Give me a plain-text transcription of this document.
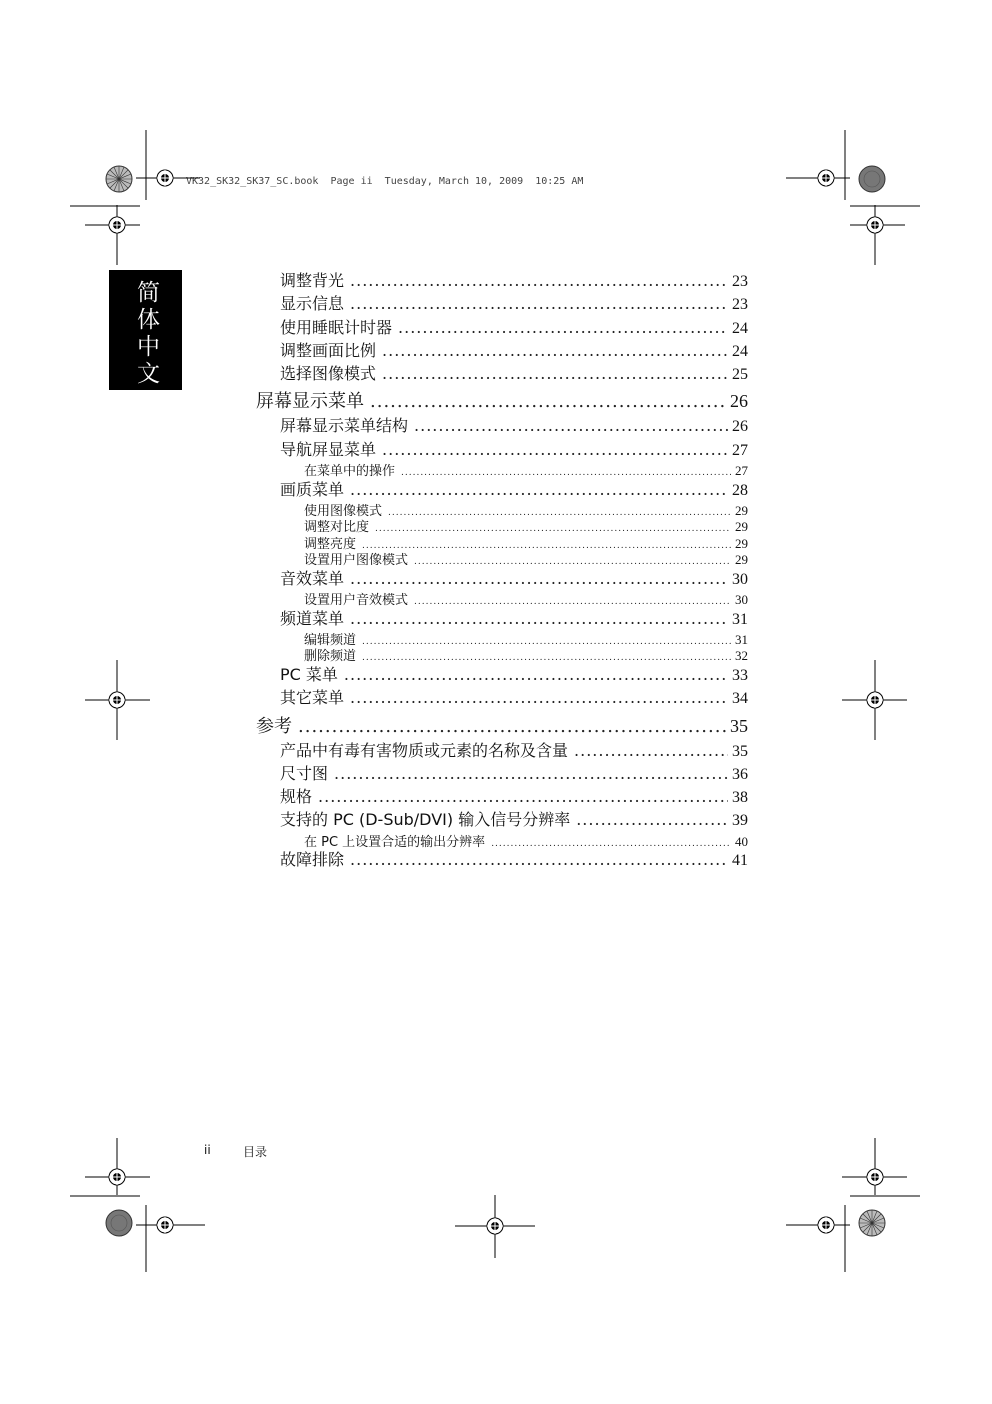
VK32_SK32_SK37_SC.book  Page ii  Tuesday, March 10, 2009  10:25 AM
简体中文	调整背光 .....	23
显示信息 .....	23
使用睡眠计时器 .....	24
调整画面比例 .....	24
选择图像模式 .....	25
屏幕显示菜单 .....	26
屏幕显示菜单结构 .....	26
导航屏显菜单 .....	27
在菜单中的操作 .....	27
画质菜单 .....	28
使用图像模式 .....	29
调整对比度 .....	29
调整亮度 .....	29
设置用户图像模式 .....	29
音效菜单 .....	30
设置用户音效模式 .....	30
频道菜单 .....	31
编辑频道 .....	31
删除频道 .....	32
PC 菜单 .....	33
其它菜单 .....	34
参考 .....	35
产品中有毒有害物质或元素的名称及含量 .....	35
尺寸图 .....	36
规格 .....	38
支持的 PC (D-Sub/DVI) 输入信号分辨率 .....	39
在 PC 上设置合适的输出分辨率 .....	40
故障排除 .....	41
ii	目录
